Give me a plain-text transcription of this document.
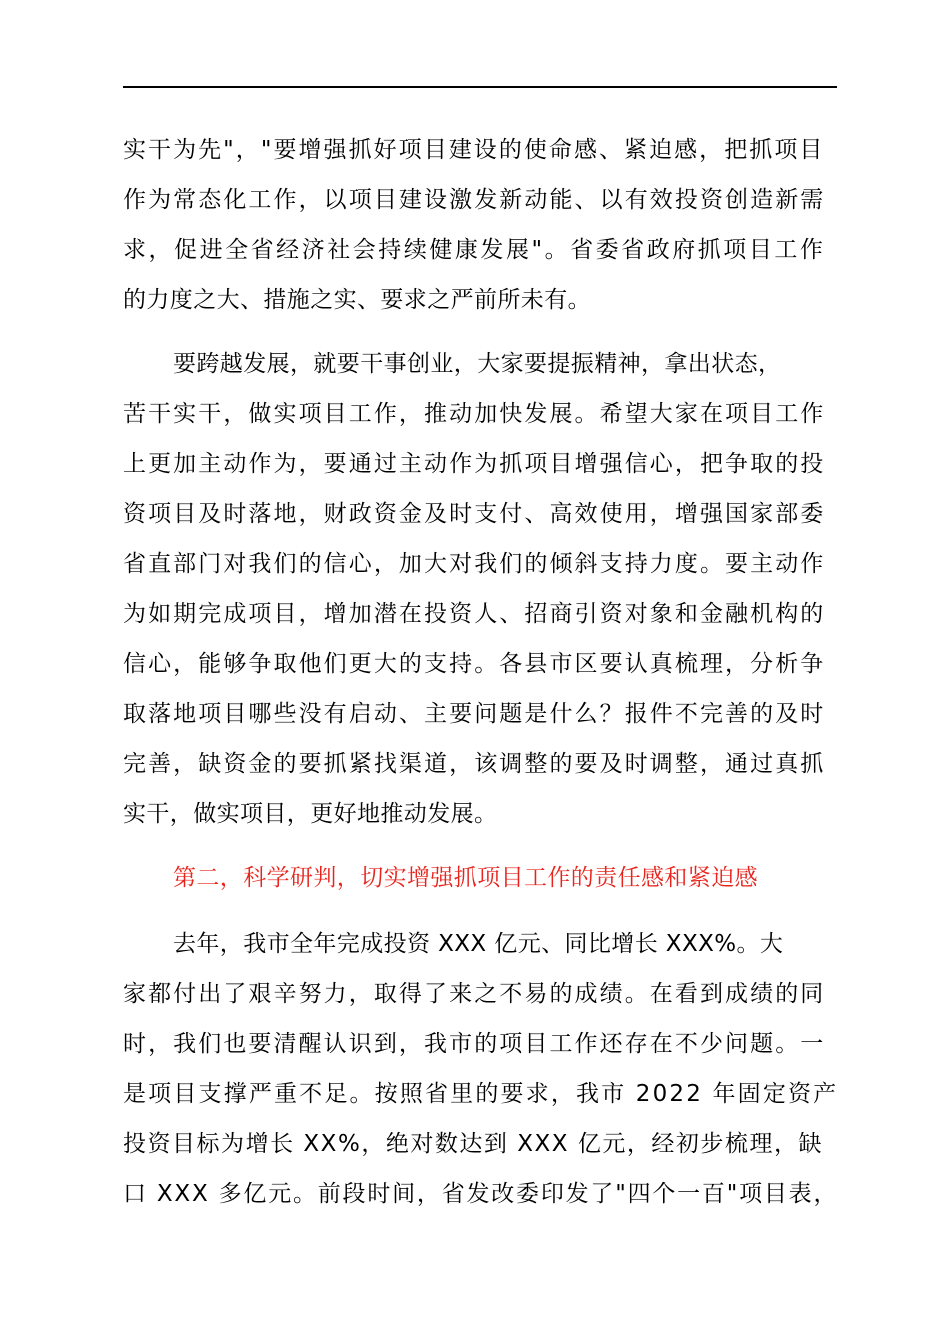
实干为先"，"要增强抓好项目建设的使命感、紧迫感，把抓项目
作为常态化工作，以项目建设激发新动能、以有效投资创造新需
求，促进全省经济社会持续健康发展"。省委省政府抓项目工作
的力度之大、措施之实、要求之严前所未有。
要跨越发展，就要干事创业，大家要提振精神，拿出状态，
苦干实干，做实项目工作，推动加快发展。希望大家在项目工作
上更加主动作为，要通过主动作为抓项目增强信心，把争取的投
资项目及时落地，财政资金及时支付、高效使用，增强国家部委
省直部门对我们的信心，加大对我们的倾斜支持力度。要主动作
为如期完成项目，增加潜在投资人、招商引资对象和金融机构的
信心，能够争取他们更大的支持。各县市区要认真梳理，分析争
取落地项目哪些没有启动、主要问题是什么？报件不完善的及时
完善，缺资金的要抓紧找渠道，该调整的要及时调整，通过真抓
实干，做实项目，更好地推动发展。
第二，科学研判，切实增强抓项目工作的责任感和紧迫感
去年，我市全年完成投资 XXX 亿元、同比增长 XXX%。大
家都付出了艰辛努力，取得了来之不易的成绩。在看到成绩的同
时，我们也要清醒认识到，我市的项目工作还存在不少问题。一
是项目支撑严重不足。按照省里的要求，我市 2022 年固定资产
投资目标为增长 XX%，绝对数达到 XXX 亿元，经初步梳理，缺
口 XXX 多亿元。前段时间，省发改委印发了"四个一百"项目表，
